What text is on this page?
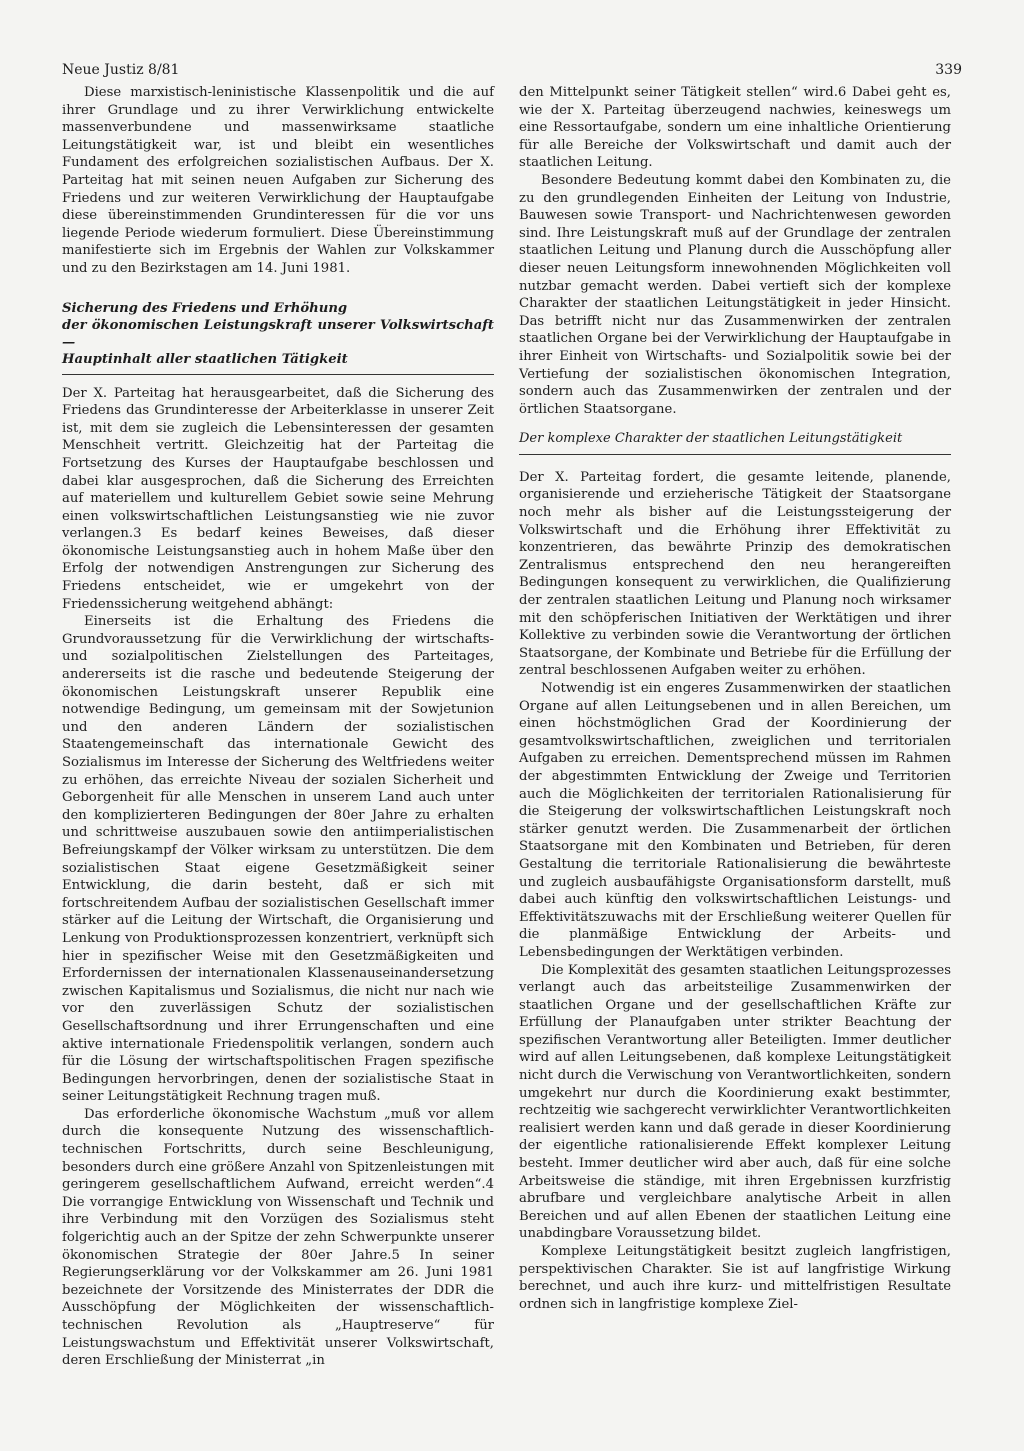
Neue Justiz 8/81	339

Diese marxistisch-leninistische Klassenpolitik und die auf ihrer Grundlage und zu ihrer Verwirklichung entwickelte massenverbundene und massenwirksame staatliche Leitungstätigkeit war, ist und bleibt ein wesentliches Fundament des erfolgreichen sozialistischen Aufbaus. Der X. Parteitag hat mit seinen neuen Aufgaben zur Sicherung des Friedens und zur weiteren Verwirklichung der Hauptaufgabe diese übereinstimmenden Grundinteressen für die vor uns liegende Periode wiederum formuliert. Diese Übereinstimmung manifestierte sich im Ergebnis der Wahlen zur Volkskammer und zu den Bezirkstagen am 14. Juni 1981.

Sicherung des Friedens und Erhöhung
der ökonomischen Leistungskraft unserer Volkswirtschaft —
Hauptinhalt aller staatlichen Tätigkeit

Der X. Parteitag hat herausgearbeitet, daß die Sicherung des Friedens das Grundinteresse der Arbeiterklasse in unserer Zeit ist, mit dem sie zugleich die Lebensinteressen der gesamten Menschheit vertritt. Gleichzeitig hat der Parteitag die Fortsetzung des Kurses der Hauptaufgabe beschlossen und dabei klar ausgesprochen, daß die Sicherung des Erreichten auf materiellem und kulturellem Gebiet sowie seine Mehrung einen volkswirtschaftlichen Leistungsanstieg wie nie zuvor verlangen.3 Es bedarf keines Beweises, daß dieser ökonomische Leistungsanstieg auch in hohem Maße über den Erfolg der notwendigen Anstrengungen zur Sicherung des Friedens entscheidet, wie er umgekehrt von der Friedenssicherung weitgehend abhängt:

Einerseits ist die Erhaltung des Friedens die Grundvoraussetzung für die Verwirklichung der wirtschafts- und sozialpolitischen Zielstellungen des Parteitages, andererseits ist die rasche und bedeutende Steigerung der ökonomischen Leistungskraft unserer Republik eine notwendige Bedingung, um gemeinsam mit der Sowjetunion und den anderen Ländern der sozialistischen Staatengemeinschaft das internationale Gewicht des Sozialismus im Interesse der Sicherung des Weltfriedens weiter zu erhöhen, das erreichte Niveau der sozialen Sicherheit und Geborgenheit für alle Menschen in unserem Land auch unter den komplizierteren Bedingungen der 80er Jahre zu erhalten und schrittweise auszubauen sowie den antiimperialistischen Befreiungskampf der Völker wirksam zu unterstützen. Die dem sozialistischen Staat eigene Gesetzmäßigkeit seiner Entwicklung, die darin besteht, daß er sich mit fortschreitendem Aufbau der sozialistischen Gesellschaft immer stärker auf die Leitung der Wirtschaft, die Organisierung und Lenkung von Produktionsprozessen konzentriert, verknüpft sich hier in spezifischer Weise mit den Gesetzmäßigkeiten und Erfordernissen der internationalen Klassenauseinandersetzung zwischen Kapitalismus und Sozialismus, die nicht nur nach wie vor den zuverlässigen Schutz der sozialistischen Gesellschaftsordnung und ihrer Errungenschaften und eine aktive internationale Friedenspolitik verlangen, sondern auch für die Lösung der wirtschaftspolitischen Fragen spezifische Bedingungen hervorbringen, denen der sozialistische Staat in seiner Leitungstätigkeit Rechnung tragen muß.

Das erforderliche ökonomische Wachstum „muß vor allem durch die konsequente Nutzung des wissenschaftlich-technischen Fortschritts, durch seine Beschleunigung, besonders durch eine größere Anzahl von Spitzenleistungen mit geringerem gesellschaftlichem Aufwand, erreicht werden“.4 Die vorrangige Entwicklung von Wissenschaft und Technik und ihre Verbindung mit den Vorzügen des Sozialismus steht folgerichtig auch an der Spitze der zehn Schwerpunkte unserer ökonomischen Strategie der 80er Jahre.5 In seiner Regierungserklärung vor der Volkskammer am 26. Juni 1981 bezeichnete der Vorsitzende des Ministerrates der DDR die Ausschöpfung der Möglichkeiten der wissenschaftlich-technischen Revolution als „Hauptreserve“ für Leistungswachstum und Effektivität unserer Volkswirtschaft, deren Erschließung der Ministerrat „in

den Mittelpunkt seiner Tätigkeit stellen“ wird.6 Dabei geht es, wie der X. Parteitag überzeugend nachwies, keineswegs um eine Ressortaufgabe, sondern um eine inhaltliche Orientierung für alle Bereiche der Volkswirtschaft und damit auch der staatlichen Leitung.

Besondere Bedeutung kommt dabei den Kombinaten zu, die zu den grundlegenden Einheiten der Leitung von Industrie, Bauwesen sowie Transport- und Nachrichtenwesen geworden sind. Ihre Leistungskraft muß auf der Grundlage der zentralen staatlichen Leitung und Planung durch die Ausschöpfung aller dieser neuen Leitungsform innewohnenden Möglichkeiten voll nutzbar gemacht werden. Dabei vertieft sich der komplexe Charakter der staatlichen Leitungstätigkeit in jeder Hinsicht. Das betrifft nicht nur das Zusammenwirken der zentralen staatlichen Organe bei der Verwirklichung der Hauptaufgabe in ihrer Einheit von Wirtschafts- und Sozialpolitik sowie bei der Vertiefung der sozialistischen ökonomischen Integration, sondern auch das Zusammenwirken der zentralen und der örtlichen Staatsorgane.

Der komplexe Charakter der staatlichen Leitungstätigkeit

Der X. Parteitag fordert, die gesamte leitende, planende, organisierende und erzieherische Tätigkeit der Staatsorgane noch mehr als bisher auf die Leistungssteigerung der Volkswirtschaft und die Erhöhung ihrer Effektivität zu konzentrieren, das bewährte Prinzip des demokratischen Zentralismus entsprechend den neu herangereiften Bedingungen konsequent zu verwirklichen, die Qualifizierung der zentralen staatlichen Leitung und Planung noch wirksamer mit den schöpferischen Initiativen der Werktätigen und ihrer Kollektive zu verbinden sowie die Verantwortung der örtlichen Staatsorgane, der Kombinate und Betriebe für die Erfüllung der zentral beschlossenen Aufgaben weiter zu erhöhen.

Notwendig ist ein engeres Zusammenwirken der staatlichen Organe auf allen Leitungsebenen und in allen Bereichen, um einen höchstmöglichen Grad der Koordinierung der gesamtvolkswirtschaftlichen, zweiglichen und territorialen Aufgaben zu erreichen. Dementsprechend müssen im Rahmen der abgestimmten Entwicklung der Zweige und Territorien auch die Möglichkeiten der territorialen Rationalisierung für die Steigerung der volkswirtschaftlichen Leistungskraft noch stärker genutzt werden. Die Zusammenarbeit der örtlichen Staatsorgane mit den Kombinaten und Betrieben, für deren Gestaltung die territoriale Rationalisierung die bewährteste und zugleich ausbaufähigste Organisationsform darstellt, muß dabei auch künftig den volkswirtschaftlichen Leistungs- und Effektivitätszuwachs mit der Erschließung weiterer Quellen für die planmäßige Entwicklung der Arbeits- und Lebensbedingungen der Werktätigen verbinden.

Die Komplexität des gesamten staatlichen Leitungsprozesses verlangt auch das arbeitsteilige Zusammenwirken der staatlichen Organe und der gesellschaftlichen Kräfte zur Erfüllung der Planaufgaben unter strikter Beachtung der spezifischen Verantwortung aller Beteiligten. Immer deutlicher wird auf allen Leitungsebenen, daß komplexe Leitungstätigkeit nicht durch die Verwischung von Verantwortlichkeiten, sondern umgekehrt nur durch die Koordinierung exakt bestimmter, rechtzeitig wie sachgerecht verwirklichter Verantwortlichkeiten realisiert werden kann und daß gerade in dieser Koordinierung der eigentliche rationalisierende Effekt komplexer Leitung besteht. Immer deutlicher wird aber auch, daß für eine solche Arbeitsweise die ständige, mit ihren Ergebnissen kurzfristig abrufbare und vergleichbare analytische Arbeit in allen Bereichen und auf allen Ebenen der staatlichen Leitung eine unabdingbare Voraussetzung bildet.

Komplexe Leitungstätigkeit besitzt zugleich langfristigen, perspektivischen Charakter. Sie ist auf langfristige Wirkung berechnet, und auch ihre kurz- und mittelfristigen Resultate ordnen sich in langfristige komplexe Ziel-
